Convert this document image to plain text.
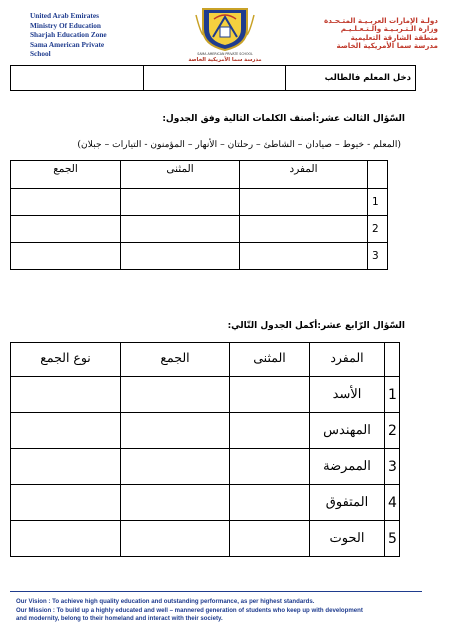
United Arab Emirates
Ministry Of Education
Sharjah Education Zone
Sama American Private
School	SAMA AMERICAN PRIVATE SCHOOL
مدرسة سما الأمريكية الخاصة
دولـة الإمارات العربـيـة المتـحـدة
وزارة الـتـربـيـة والـتـعـلـيـم
منطقة الشارقة التعليمية
مدرسة سما الأمريكية الخاصة
		دخل المعلم فالطالب
السّؤال الثالث عشر:أصنف الكلمات التالية وفق الجدول:
(المعلم - خيوط – صيادان – الشاطئ – رحلتان – الأنهار – المؤمنون - التيارات – جبلان)
	المفرد	المثنى	الجمع
1			
2			
3			
السّؤال الرّابع عشر:أكمل الجدول التّالي:
	المفرد	المثنى	الجمع	نوع الجمع
1	الأسد			
2	المهندس			
3	الممرضة			
4	المتفوق			
5	الحوت			
Our Vision : To achieve high quality education and outstanding performance, as per highest standards.
Our Mission : To build up a highly educated and well – mannered generation of students who keep up with development
and modernity, belong to their homeland and interact with their society.
